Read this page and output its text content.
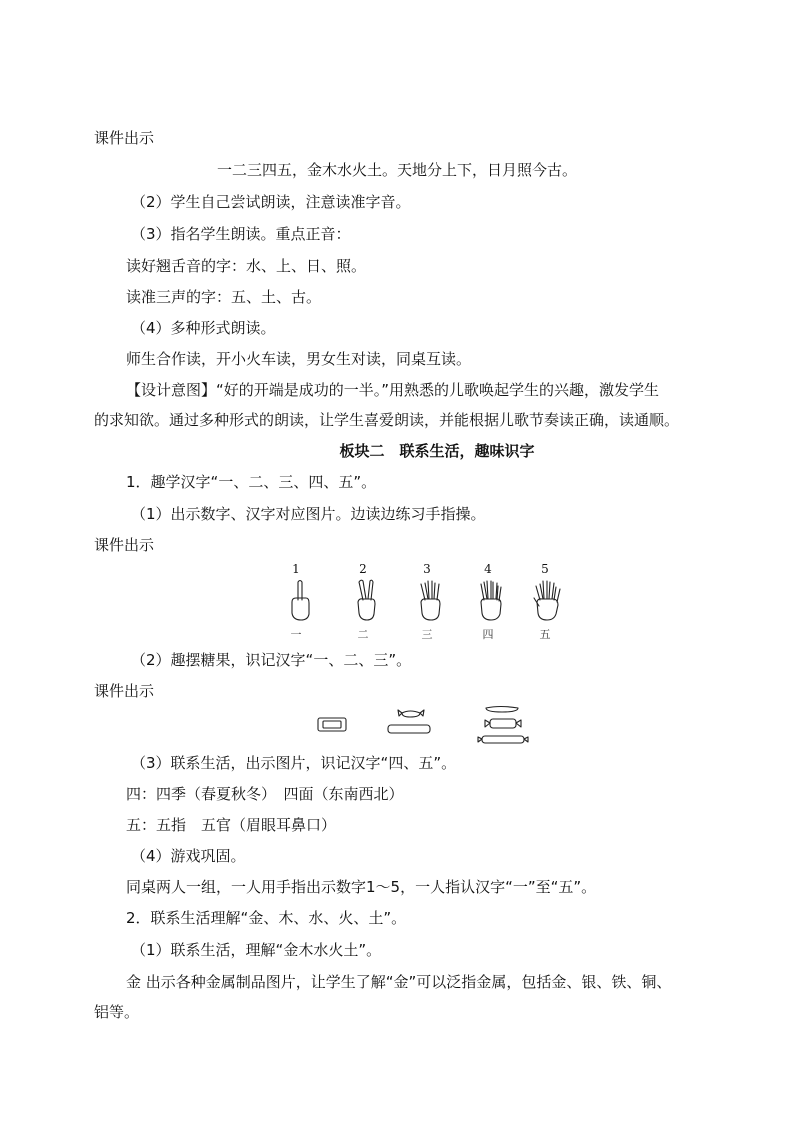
课件出示
一二三四五，金木水火土。天地分上下，日月照今古。
（2）学生自己尝试朗读，注意读准字音。
（3）指名学生朗读。重点正音：
读好翘舌音的字：水、上、日、照。
读准三声的字：五、土、古。
（4）多种形式朗读。
师生合作读，开小火车读，男女生对读，同桌互读。
【设计意图】“好的开端是成功的一半。”用熟悉的儿歌唤起学生的兴趣，激发学生
的求知欲。通过多种形式的朗读，让学生喜爱朗读，并能根据儿歌节奏读正确，读通顺。
板块二　联系生活，趣味识字
1．趣学汉字“一、二、三、四、五”。
（1）出示数字、汉字对应图片。边读边练习手指操。
课件出示
1	2	3	4	5
一	二	三	四	五
（2）趣摆糖果，识记汉字“一、二、三”。
课件出示
（3）联系生活，出示图片，识记汉字“四、五”。
四：四季（春夏秋冬）　四面（东南西北）
五：五指　五官（眉眼耳鼻口）
（4）游戏巩固。
同桌两人一组，一人用手指出示数字1～5，一人指认汉字“一”至“五”。
2．联系生活理解“金、木、水、火、土”。
（1）联系生活，理解“金木水火土”。
金 出示各种金属制品图片，让学生了解“金”可以泛指金属，包括金、银、铁、铜、
铝等。
